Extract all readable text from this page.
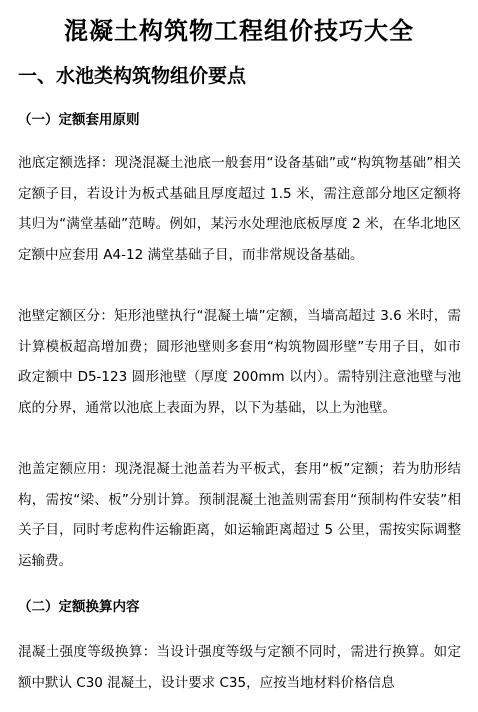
混凝土构筑物工程组价技巧大全
一、水池类构筑物组价要点
（一）定额套用原则
池底定额选择：现浇混凝土池底一般套用“设备基础”或“构筑物基础”相关定额子目，若设计为板式基础且厚度超过 1.5 米，需注意部分地区定额将其归为“满堂基础”范畴。例如，某污水处理池底板厚度 2 米，在华北地区定额中应套用 A4-12 满堂基础子目，而非常规设备基础。
池壁定额区分：矩形池壁执行“混凝土墙”定额，当墙高超过 3.6 米时，需计算模板超高增加费；圆形池壁则多套用“构筑物圆形壁”专用子目，如市政定额中 D5-123 圆形池壁（厚度 200mm 以内）。需特别注意池壁与池底的分界，通常以池底上表面为界，以下为基础，以上为池壁。
池盖定额应用：现浇混凝土池盖若为平板式，套用“板”定额；若为肋形结构，需按“梁、板”分别计算。预制混凝土池盖则需套用“预制构件安装”相关子目，同时考虑构件运输距离，如运输距离超过 5 公里，需按实际调整运输费。
（二）定额换算内容
混凝土强度等级换算：当设计强度等级与定额不同时，需进行换算。如定额中默认 C30 混凝土，设计要求 C35，应按当地材料价格信息
